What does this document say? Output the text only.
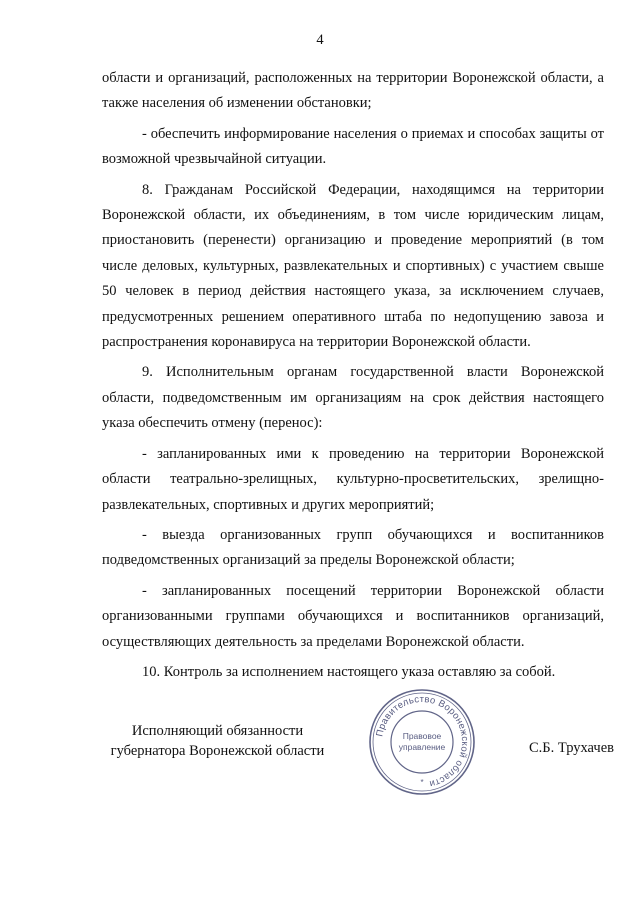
4

области и организаций, расположенных на территории Воронежской области, а также населения об изменении обстановки;

- обеспечить информирование населения о приемах и способах защиты от возможной чрезвычайной ситуации.

8. Гражданам Российской Федерации, находящимся на территории Воронежской области, их объединениям, в том числе юридическим лицам, приостановить (перенести) организацию и проведение мероприятий (в том числе деловых, культурных, развлекательных и спортивных) с участием свыше 50 человек в период действия настоящего указа, за исключением случаев, предусмотренных решением оперативного штаба по недопущению завоза и распространения коронавируса на территории Воронежской области.

9. Исполнительным органам государственной власти Воронежской области, подведомственным им организациям на срок действия настоящего указа обеспечить отмену (перенос):

- запланированных ими к проведению на территории Воронежской области театрально-зрелищных, культурно-просветительских, зрелищно-развлекательных, спортивных и других мероприятий;

- выезда организованных групп обучающихся и воспитанников подведомственных организаций за пределы Воронежской области;

- запланированных посещений территории Воронежской области организованными группами обучающихся и воспитанников организаций, осуществляющих деятельность за пределами Воронежской области.

10. Контроль за исполнением настоящего указа оставляю за собой.

Исполняющий обязанности
губернатора Воронежской области
Правительство Воронежской области
Правовое
управление
*
С.Б. Трухачев
